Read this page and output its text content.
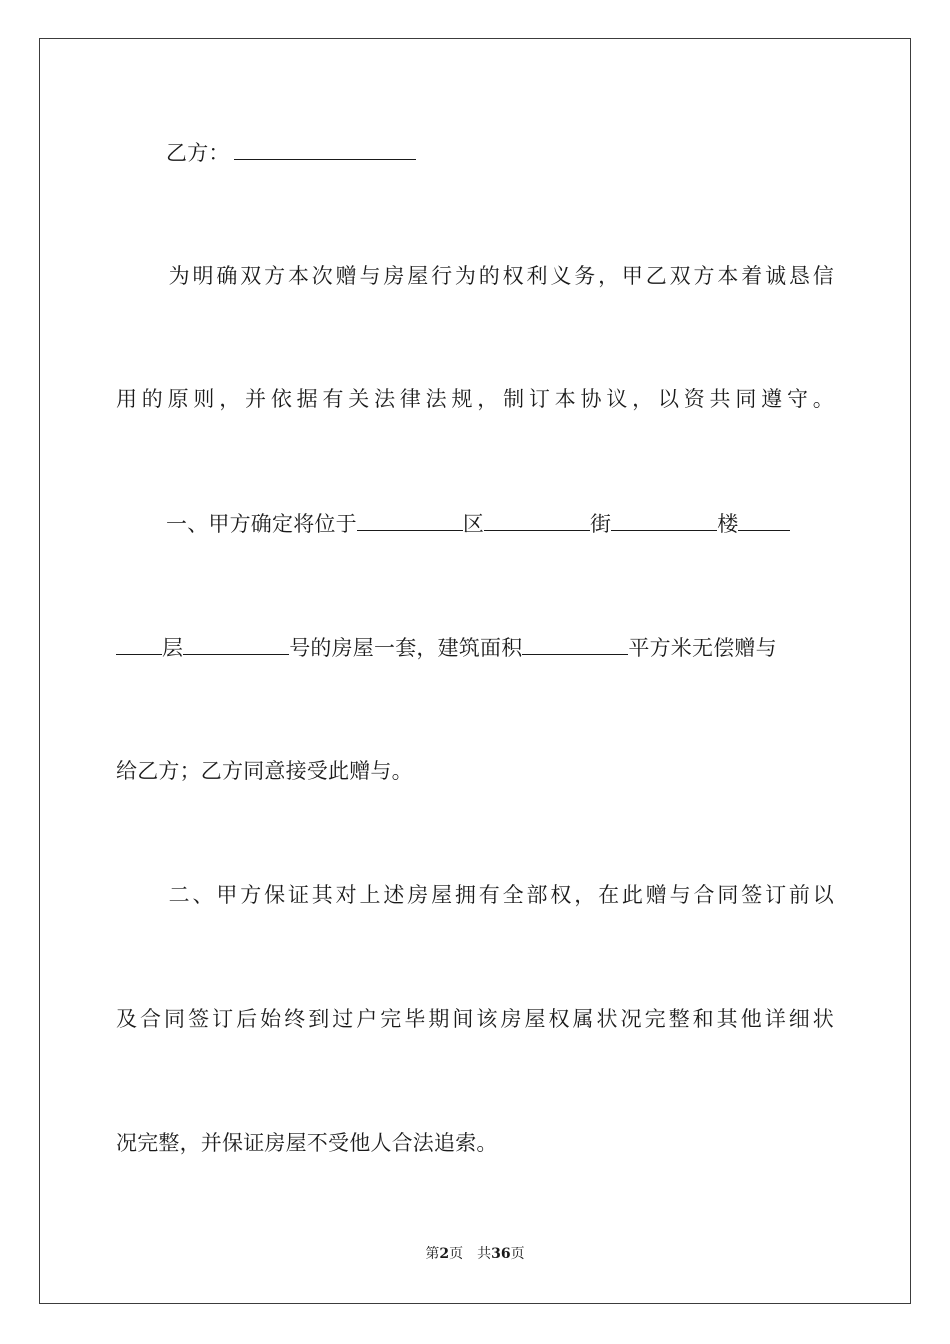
乙方：
为明确双方本次赠与房屋行为的权利义务，甲乙双方本着诚恳信
用的原则，并依据有关法律法规，制订本协议，以资共同遵守。
一、甲方确定将位于	区	街	楼
层	号的房屋一套，建筑面积	平方米无偿赠与
给乙方；乙方同意接受此赠与。
二、甲方保证其对上述房屋拥有全部权，在此赠与合同签订前以
及合同签订后始终到过户完毕期间该房屋权属状况完整和其他详细状
况完整，并保证房屋不受他人合法追索。
第2页 共36页
